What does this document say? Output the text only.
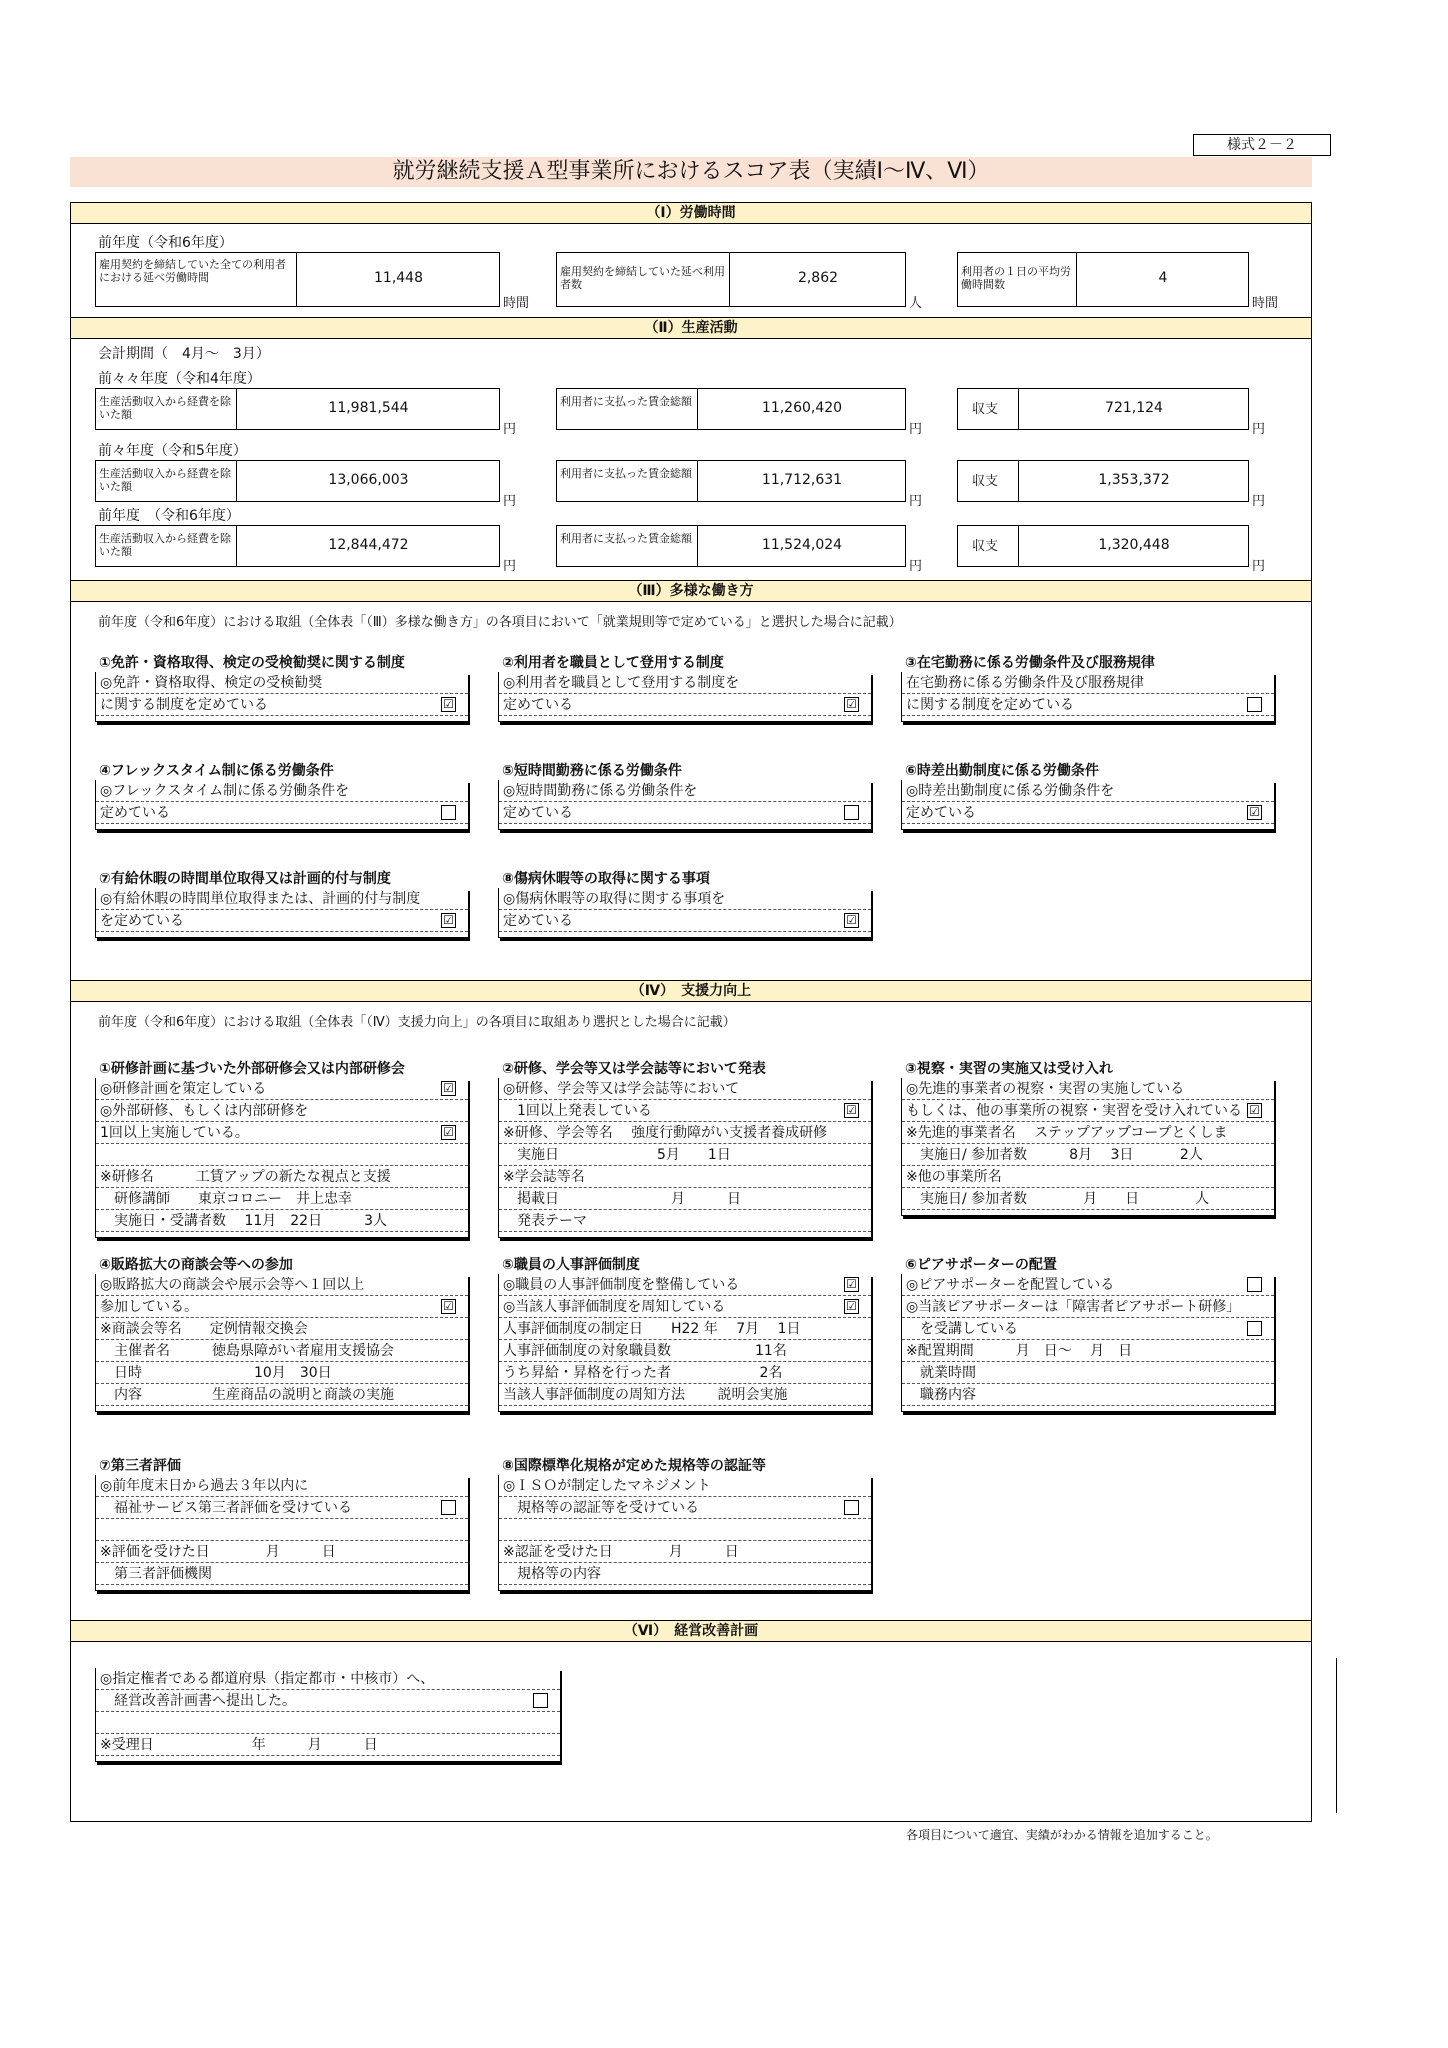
様式２－２
就労継続支援Ａ型事業所におけるスコア表（実績Ⅰ～Ⅳ、Ⅵ）
（Ⅰ）労働時間
前年度（令和6年度）
雇用契約を締結していた全ての利用者における延べ労働時間	11,448
時間
雇用契約を締結していた延べ利用者数	2,862
人
利用者の１日の平均労働時間数	4
時間
（Ⅱ）生産活動
会計期間（　4月～　3月）
前々々年度（令和4年度）
生産活動収入から経費を除いた額	11,981,544
円
利用者に支払った賃金総額	11,260,420
円
収支	721,124
円
前々年度（令和5年度）
生産活動収入から経費を除いた額	13,066,003
円
利用者に支払った賃金総額	11,712,631
円
収支	1,353,372
円
前年度　（令和6年度）
生産活動収入から経費を除いた額	12,844,472
円
利用者に支払った賃金総額	11,524,024
円
収支	1,320,448
円
（Ⅲ）多様な働き方
前年度（令和6年度）における取組（全体表「（Ⅲ）多様な働き方」の各項目において「就業規則等で定めている」と選択した場合に記載）
①免許・資格取得、検定の受検勧奨に関する制度
◎免許・資格取得、検定の受検勧奨
に関する制度を定めている	☑
②利用者を職員として登用する制度
◎利用者を職員として登用する制度を
定めている	☑
③在宅勤務に係る労働条件及び服務規律
在宅勤務に係る労働条件及び服務規律
に関する制度を定めている
④フレックスタイム制に係る労働条件
◎フレックスタイム制に係る労働条件を
定めている
⑤短時間勤務に係る労働条件
◎短時間勤務に係る労働条件を
定めている
⑥時差出勤制度に係る労働条件
◎時差出勤制度に係る労働条件を
定めている	☑
⑦有給休暇の時間単位取得又は計画的付与制度
◎有給休暇の時間単位取得または、計画的付与制度
を定めている	☑
⑧傷病休暇等の取得に関する事項
◎傷病休暇等の取得に関する事項を
定めている	☑
（Ⅳ）　支援力向上
前年度（令和6年度）における取組（全体表「（Ⅳ）支援力向上」の各項目に取組あり選択とした場合に記載）
①研修計画に基づいた外部研修会又は内部研修会
◎研修計画を策定している	☑
◎外部研修、もしくは内部研修を
1回以上実施している。	☑
※研修名　　　工賃アップの新たな視点と支援
　研修講師　　東京コロニー　井上忠幸
　実施日・受講者数　 11月　22日　　　3人
②研修、学会等又は学会誌等において発表
◎研修、学会等又は学会誌等において
　1回以上発表している	☑
※研修、学会等名　 強度行動障がい支援者養成研修
　実施日　　　　　　　5月　　1日
※学会誌等名
　掲載日　　　　　　　　月　　　日
　発表テーマ
③視察・実習の実施又は受け入れ
◎先進的事業者の視察・実習の実施している
もしくは、他の事業所の視察・実習を受け入れている ☑
※先進的事業者名　 ステップアップコープとくしま
　実施日/ 参加者数　　　8月　 3日　　　 2人
※他の事業所名
　実施日/ 参加者数　　　　月　　日　　　　人
④販路拡大の商談会等への参加
◎販路拡大の商談会や展示会等へ１回以上
参加している。	☑
※商談会等名　　定例情報交換会
　主催者名　　　徳島県障がい者雇用支援協会
　日時　　　　　　　　10月　30日
　内容　　　　　生産商品の説明と商談の実施
⑤職員の人事評価制度
◎職員の人事評価制度を整備している	☑
◎当該人事評価制度を周知している	☑
人事評価制度の制定日　　H22 年　 7月　 1日
人事評価制度の対象職員数　　　　　　11名
うち昇給・昇格を行った者　　　　　　 2名
当該人事評価制度の周知方法　　 説明会実施
⑥ピアサポーターの配置
◎ピアサポーターを配置している
◎当該ピアサポーターは「障害者ピアサポート研修」
　を受講している
※配置期間　　　月　日～　 月　日
　就業時間
　職務内容
⑦第三者評価
◎前年度末日から過去３年以内に
　福祉サービス第三者評価を受けている
※評価を受けた日　　　　月　　　日
　第三者評価機関
⑧国際標準化規格が定めた規格等の認証等
◎ＩＳＯが制定したマネジメント
　規格等の認証等を受けている
※認証を受けた日　　　　月　　　日
　規格等の内容
（Ⅵ）　経営改善計画
◎指定権者である都道府県（指定都市・中核市）へ、
　経営改善計画書へ提出した。
※受理日　　　　　　　年　　　月　　　日
各項目について適宜、実績がわかる情報を追加すること。
